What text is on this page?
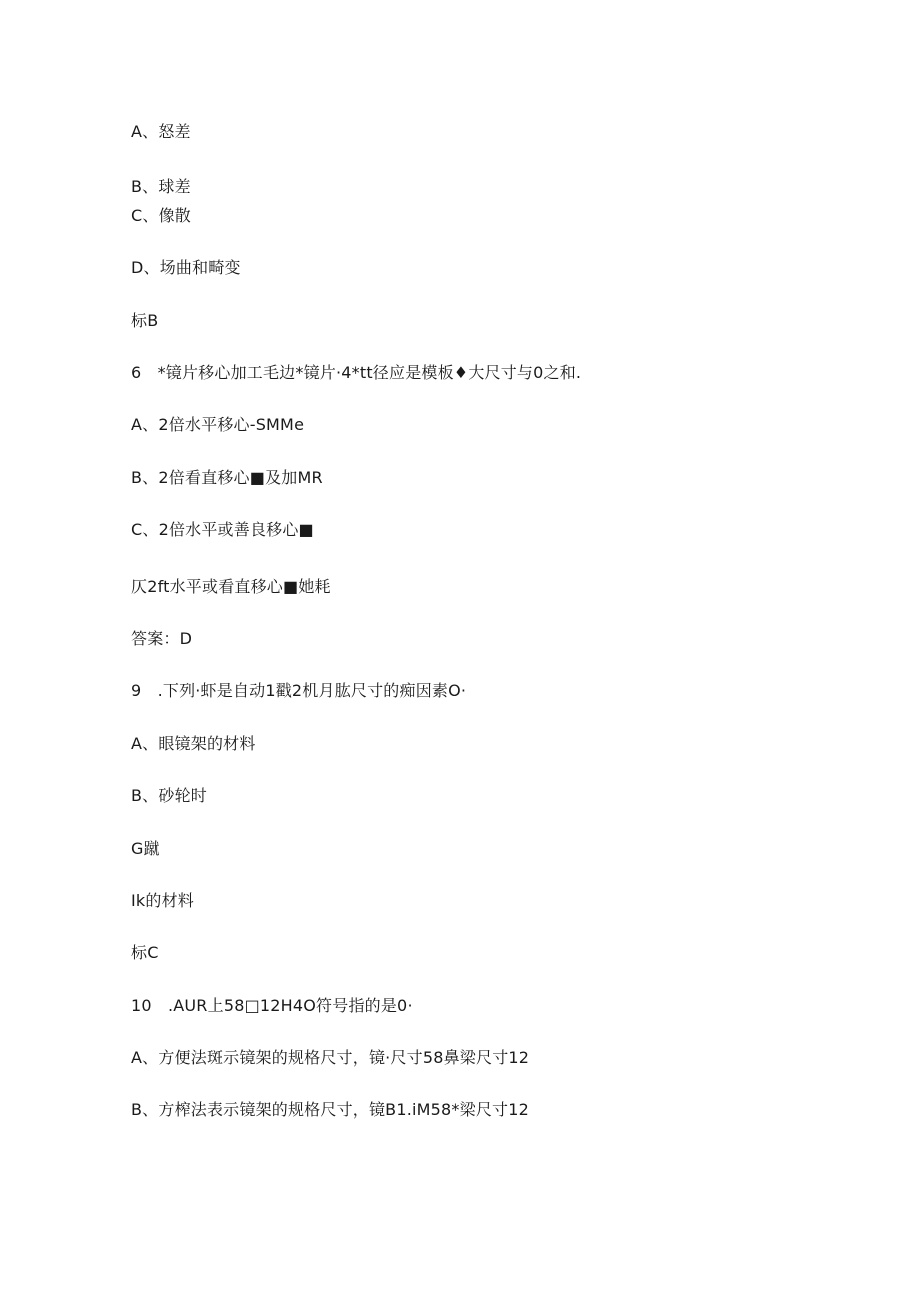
A、怒差
B、球差
C、像散
D、场曲和畸变
标B
6　*镜片移心加工毛边*镜片·4*tt径应是模板♦大尺寸与0之和.
A、2倍水平移心-SMMe
B、2倍看直移心■及加MR
C、2倍水平或善良移心■
仄2ft水平或看直移心■她耗
答案：D
9　.下列·虾是自动1戳2机月肱尺寸的痴因素O·
A、眼镜架的材料
B、砂轮时
G蹴
Ik的材料
标C
10　.AUR上58□12H4O符号指的是0·
A、方便法斑示镜架的规格尺寸，镜·尺寸58鼻梁尺寸12
B、方榨法表示镜架的规格尺寸，镜B1.iM58*梁尺寸12
